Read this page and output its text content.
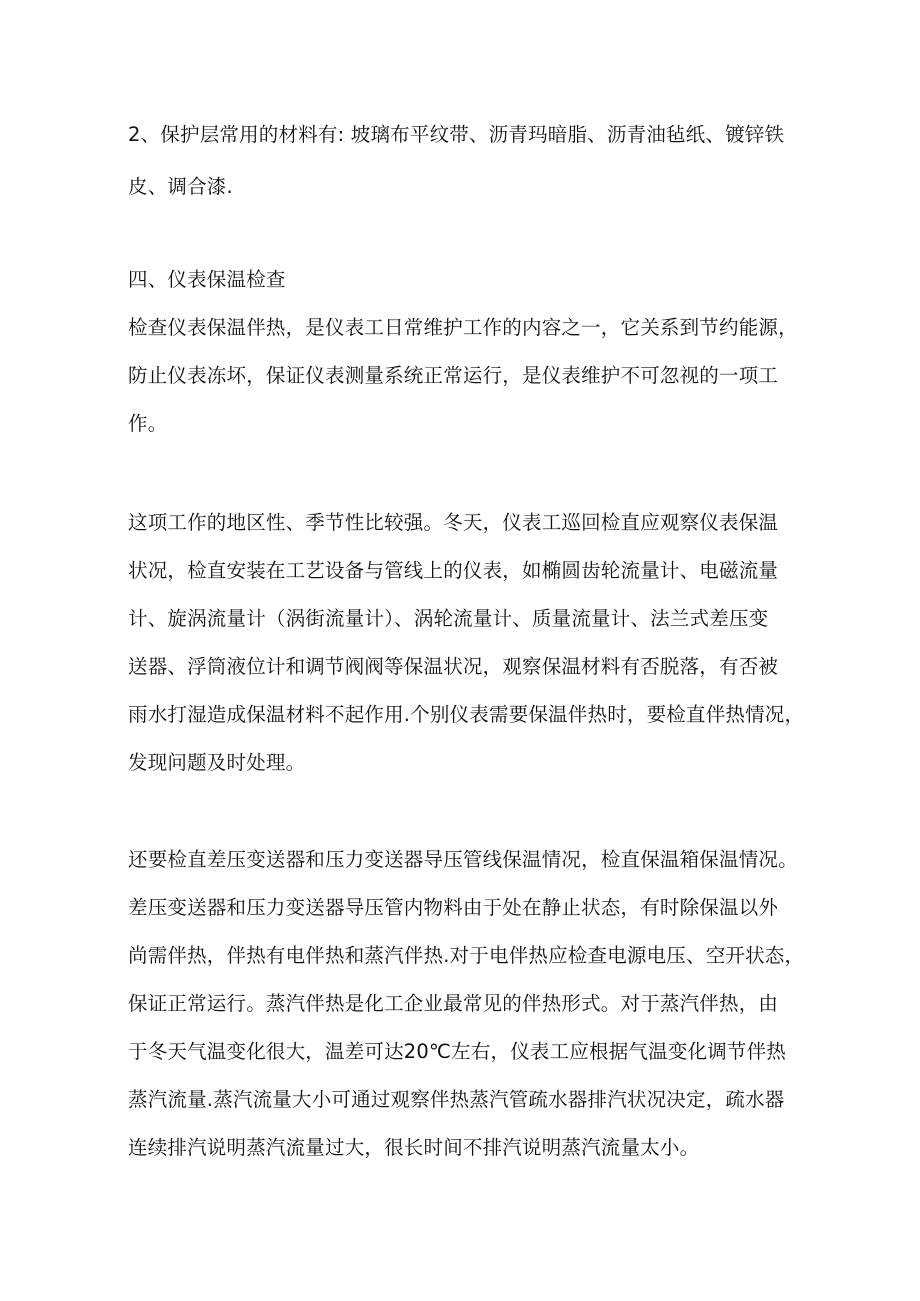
2、保护层常用的材料有: 坡璃布平纹带、沥青玛暗脂、沥青油毡纸、镀锌铁

皮、调合漆.

四、仪表保温检查

检查仪表保温伴热，是仪表工日常维护工作的内容之一，它关系到节约能源，

防止仪表冻坏，保证仪表测量系统正常运行，是仪表维护不可忽视的一项工

作。

这项工作的地区性、季节性比较强。冬天，仪表工巡回检直应观察仪表保温

状况，检直安装在工艺设备与管线上的仪表，如椭圆齿轮流量计、电磁流量

计、旋涡流量计（涡街流量计）、涡轮流量计、质量流量计、法兰式差压变

送器、浮筒液位计和调节阀阀等保温状况，观察保温材料有否脱落，有否被

雨水打湿造成保温材料不起作用.个别仪表需要保温伴热时，要检直伴热情况，

发现问题及时处理。

还要检直差压变送器和压力变送器导压管线保温情况，检直保温箱保温情况。

差压变送器和压力变送器导压管内物料由于处在静止状态，有时除保温以外

尚需伴热，伴热有电伴热和蒸汽伴热.对于电伴热应检查电源电压、空开状态，

保证正常运行。蒸汽伴热是化工企业最常见的伴热形式。对于蒸汽伴热，由

于冬天气温变化很大，温差可达20℃左右，仪表工应根据气温变化调节伴热

蒸汽流量.蒸汽流量大小可通过观察伴热蒸汽管疏水器排汽状况决定，疏水器

连续排汽说明蒸汽流量过大，很长时间不排汽说明蒸汽流量太小。
